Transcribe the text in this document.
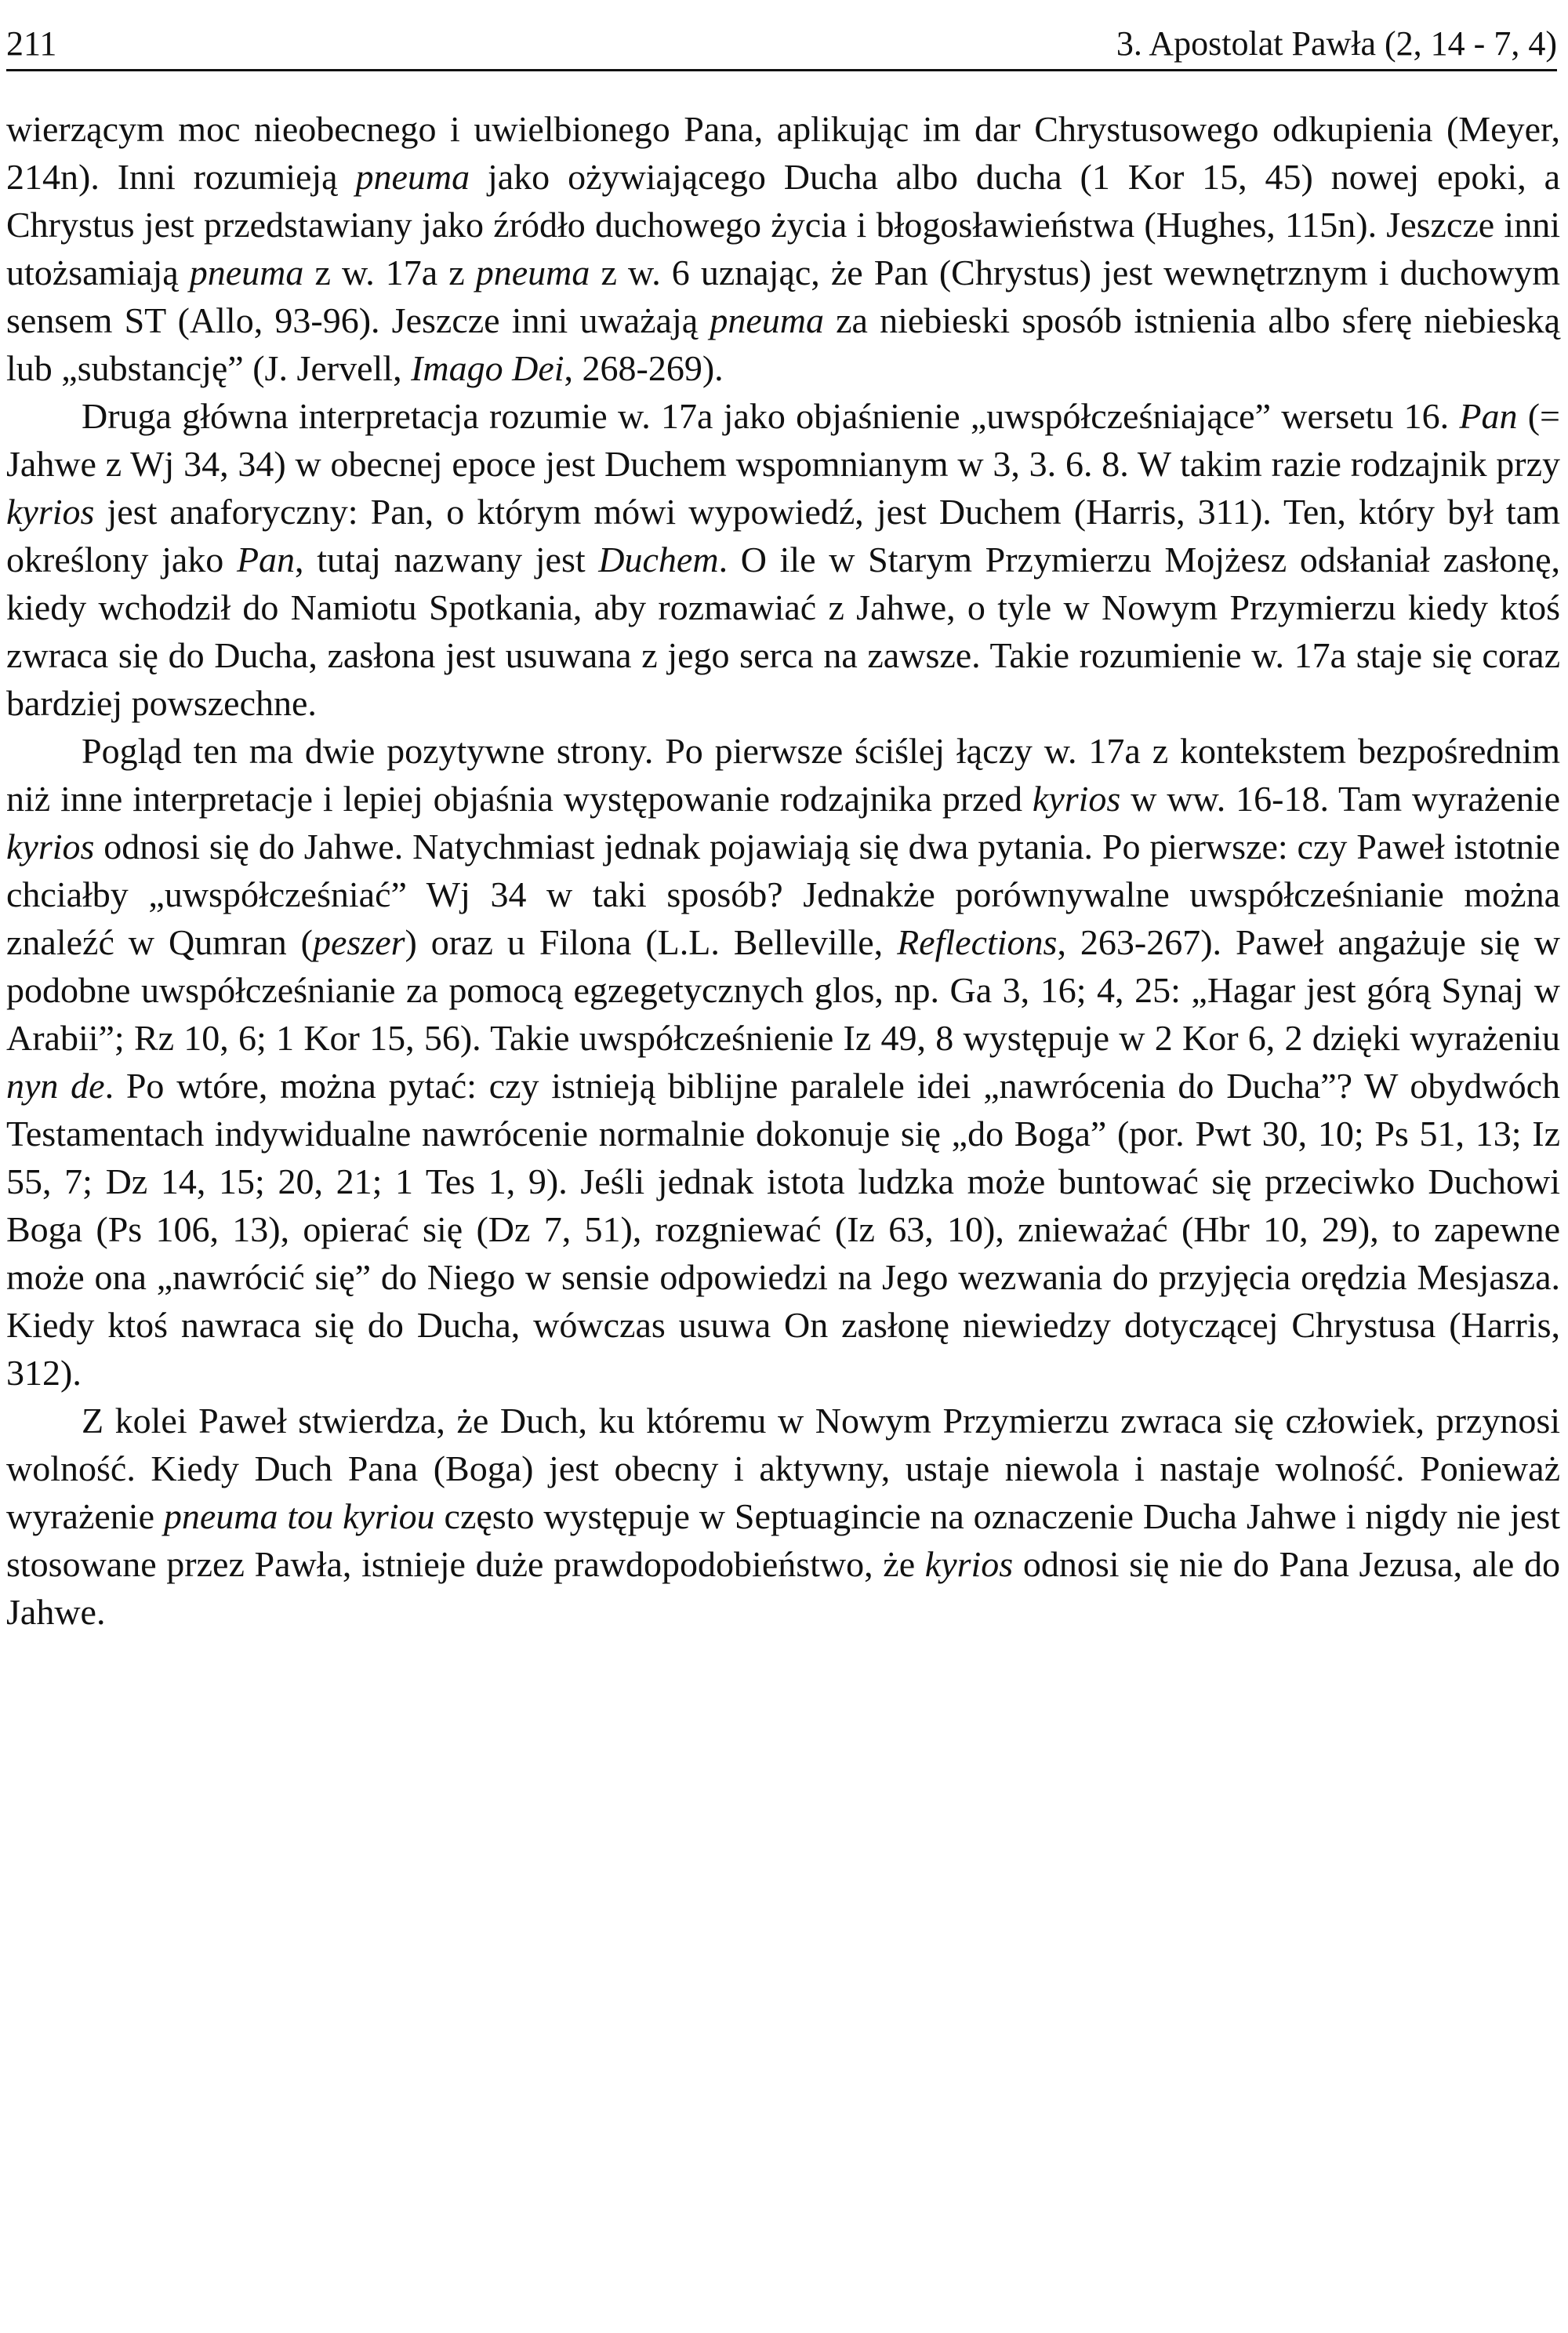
211	3. Apostolat Pawła (2, 14 - 7, 4)

wierzącym moc nieobecnego i uwielbionego Pana, aplikując im dar Chrystusowego odkupienia (Meyer, 214n). Inni rozumieją pneuma jako ożywiającego Ducha albo ducha (1 Kor 15, 45) nowej epoki, a Chrystus jest przedstawiany jako źródło duchowego życia i błogosławieństwa (Hughes, 115n). Jeszcze inni utożsamiają pneuma z w. 17a z pneuma z w. 6 uznając, że Pan (Chrystus) jest wewnętrznym i duchowym sensem ST (Allo, 93-96). Jeszcze inni uważają pneuma za niebieski sposób istnienia albo sferę niebieską lub „substancję” (J. Jervell, Imago Dei, 268-269).

Druga główna interpretacja rozumie w. 17a jako objaśnienie „uwspółcześniające” wersetu 16. Pan (= Jahwe z Wj 34, 34) w obecnej epoce jest Duchem wspomnianym w 3, 3. 6. 8. W takim razie rodzajnik przy kyrios jest anaforyczny: Pan, o którym mówi wypowiedź, jest Duchem (Harris, 311). Ten, który był tam określony jako Pan, tutaj nazwany jest Duchem. O ile w Starym Przymierzu Mojżesz odsłaniał zasłonę, kiedy wchodził do Namiotu Spotkania, aby rozmawiać z Jahwe, o tyle w Nowym Przymierzu kiedy ktoś zwraca się do Ducha, zasłona jest usuwana z jego serca na zawsze. Takie rozumienie w. 17a staje się coraz bardziej powszechne.

Pogląd ten ma dwie pozytywne strony. Po pierwsze ściślej łączy w. 17a z kontekstem bezpośrednim niż inne interpretacje i lepiej objaśnia występowanie rodzajnika przed kyrios w ww. 16-18. Tam wyrażenie kyrios odnosi się do Jahwe. Natychmiast jednak pojawiają się dwa pytania. Po pierwsze: czy Paweł istotnie chciałby „uwspółcześniać” Wj 34 w taki sposób? Jednakże porównywalne uwspółcześnianie można znaleźć w Qumran (peszer) oraz u Filona (L.L. Belleville, Reflections, 263-267). Paweł angażuje się w podobne uwspółcześnianie za pomocą egzegetycznych glos, np. Ga 3, 16; 4, 25: „Hagar jest górą Synaj w Arabii”; Rz 10, 6; 1 Kor 15, 56). Takie uwspółcześnienie Iz 49, 8 występuje w 2 Kor 6, 2 dzięki wyrażeniu nyn de. Po wtóre, można pytać: czy istnieją biblijne paralele idei „nawrócenia do Ducha”? W obydwóch Testamentach indywidualne nawrócenie normalnie dokonuje się „do Boga” (por. Pwt 30, 10; Ps 51, 13; Iz 55, 7; Dz 14, 15; 20, 21; 1 Tes 1, 9). Jeśli jednak istota ludzka może buntować się przeciwko Duchowi Boga (Ps 106, 13), opierać się (Dz 7, 51), rozgniewać (Iz 63, 10), znieważać (Hbr 10, 29), to zapewne może ona „nawrócić się” do Niego w sensie odpowiedzi na Jego wezwania do przyjęcia orędzia Mesjasza. Kiedy ktoś nawraca się do Ducha, wówczas usuwa On zasłonę niewiedzy dotyczącej Chrystusa (Harris, 312).

Z kolei Paweł stwierdza, że Duch, ku któremu w Nowym Przymierzu zwraca się człowiek, przynosi wolność. Kiedy Duch Pana (Boga) jest obecny i aktywny, ustaje niewola i nastaje wolność. Ponieważ wyrażenie pneuma tou kyriou często występuje w Septuagincie na oznaczenie Ducha Jahwe i nigdy nie jest stosowane przez Pawła, istnieje duże prawdopodobieństwo, że kyrios odnosi się nie do Pana Jezusa, ale do Jahwe.
